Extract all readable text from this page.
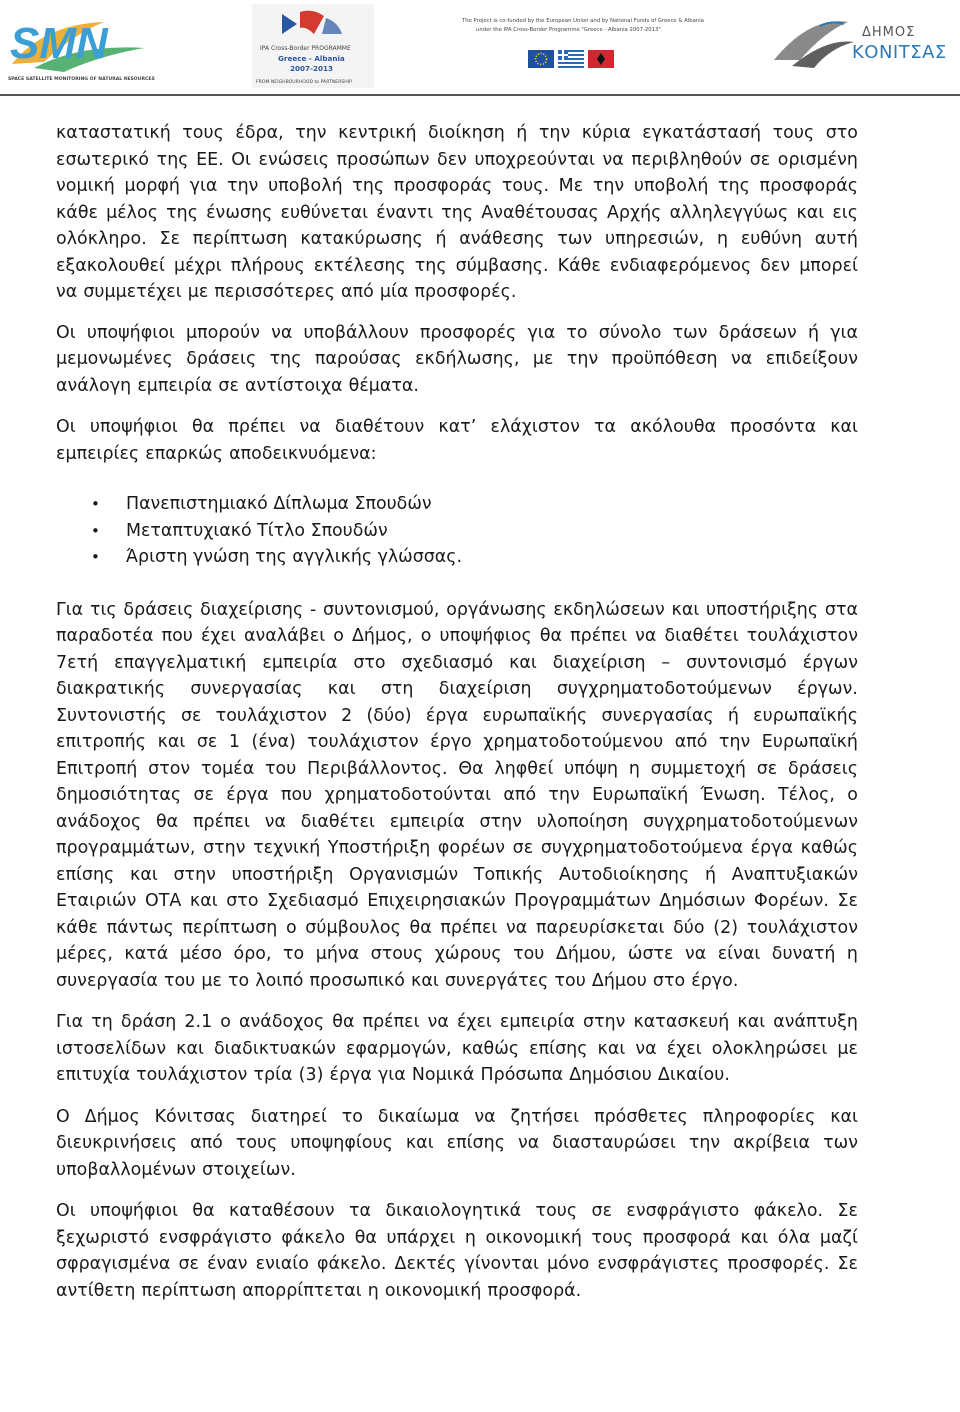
SMN
SPACE SATELLITE MONITORING OF NATURAL RESOURCES
IPA Cross-Border PROGRAMME
Greece - Albania
2007-2013
FROM NEIGHBOURHOOD to PARTNERSHIP
The Project is co-funded by the European Union and by National Funds of Greece & Albania
under the IPA Cross-Border Programme "Greece - Albania 2007-2013"	ΔΗΜΟΣ
ΚΟΝΙΤΣΑΣ

καταστατική τους έδρα, την κεντρική διοίκηση ή την κύρια εγκατάστασή τους στο εσωτερικό της ΕΕ. Οι ενώσεις προσώπων δεν υποχρεούνται να περιβληθούν σε ορισμένη νομική μορφή για την υποβολή της προσφοράς τους. Με την υποβολή της προσφοράς κάθε μέλος της ένωσης ευθύνεται έναντι της Αναθέτουσας Αρχής αλληλεγγύως και εις ολόκληρο. Σε περίπτωση κατακύρωσης ή ανάθεσης των υπηρεσιών, η ευθύνη αυτή εξακολουθεί μέχρι πλήρους εκτέλεσης της σύμβασης. Κάθε ενδιαφερόμενος δεν μπορεί να συμμετέχει με περισσότερες από μία προσφορές.

Οι υποψήφιοι μπορούν να υποβάλλουν προσφορές για το σύνολο των δράσεων ή για μεμονωμένες δράσεις της παρούσας εκδήλωσης, με την προϋπόθεση να επιδείξουν ανάλογη εμπειρία σε αντίστοιχα θέματα.

Οι υποψήφιοι θα πρέπει να διαθέτουν κατ’ ελάχιστον τα ακόλουθα προσόντα και εμπειρίες επαρκώς αποδεικνυόμενα:

• Πανεπιστημιακό Δίπλωμα Σπουδών
• Μεταπτυχιακό Τίτλο Σπουδών
• Άριστη γνώση της αγγλικής γλώσσας.

Για τις δράσεις διαχείρισης - συντονισμού, οργάνωσης εκδηλώσεων και υποστήριξης στα παραδοτέα που έχει αναλάβει ο Δήμος, ο υποψήφιος θα πρέπει να διαθέτει τουλάχιστον 7ετή επαγγελματική εμπειρία στο σχεδιασμό και διαχείριση – συντονισμό έργων διακρατικής συνεργασίας και στη διαχείριση συγχρηματοδοτούμενων έργων. Συντονιστής σε τουλάχιστον 2 (δύο) έργα ευρωπαϊκής συνεργασίας ή ευρωπαϊκής επιτροπής και σε 1 (ένα) τουλάχιστον έργο χρηματοδοτούμενου από την Ευρωπαϊκή Επιτροπή στον τομέα του Περιβάλλοντος. Θα ληφθεί υπόψη η συμμετοχή σε δράσεις δημοσιότητας σε έργα που χρηματοδοτούνται από την Ευρωπαϊκή Ένωση. Τέλος, ο ανάδοχος θα πρέπει να διαθέτει εμπειρία στην υλοποίηση συγχρηματοδοτούμενων προγραμμάτων, στην τεχνική Υποστήριξη φορέων σε συγχρηματοδοτούμενα έργα καθώς επίσης και στην υποστήριξη Οργανισμών Τοπικής Αυτοδιοίκησης ή Αναπτυξιακών Εταιριών ΟΤΑ και στο Σχεδιασμό Επιχειρησιακών Προγραμμάτων Δημόσιων Φορέων. Σε κάθε πάντως περίπτωση ο σύμβουλος θα πρέπει να παρευρίσκεται δύο (2) τουλάχιστον μέρες, κατά μέσο όρο, το μήνα στους χώρους του Δήμου, ώστε να είναι δυνατή η συνεργασία του με το λοιπό προσωπικό και συνεργάτες του Δήμου στο έργο.

Για τη δράση 2.1 ο ανάδοχος θα πρέπει να έχει εμπειρία στην κατασκευή και ανάπτυξη ιστοσελίδων και διαδικτυακών εφαρμογών, καθώς επίσης και να έχει ολοκληρώσει με επιτυχία τουλάχιστον τρία (3) έργα για Νομικά Πρόσωπα Δημόσιου Δικαίου.

Ο Δήμος Κόνιτσας διατηρεί το δικαίωμα να ζητήσει πρόσθετες πληροφορίες και διευκρινήσεις από τους υποψηφίους και επίσης να διασταυρώσει την ακρίβεια των υποβαλλομένων στοιχείων.

Οι υποψήφιοι θα καταθέσουν τα δικαιολογητικά τους σε ενσφράγιστο φάκελο. Σε ξεχωριστό ενσφράγιστο φάκελο θα υπάρχει η οικονομική τους προσφορά και όλα μαζί σφραγισμένα σε έναν ενιαίο φάκελο. Δεκτές γίνονται μόνο ενσφράγιστες προσφορές. Σε αντίθετη περίπτωση απορρίπτεται η οικονομική προσφορά.
